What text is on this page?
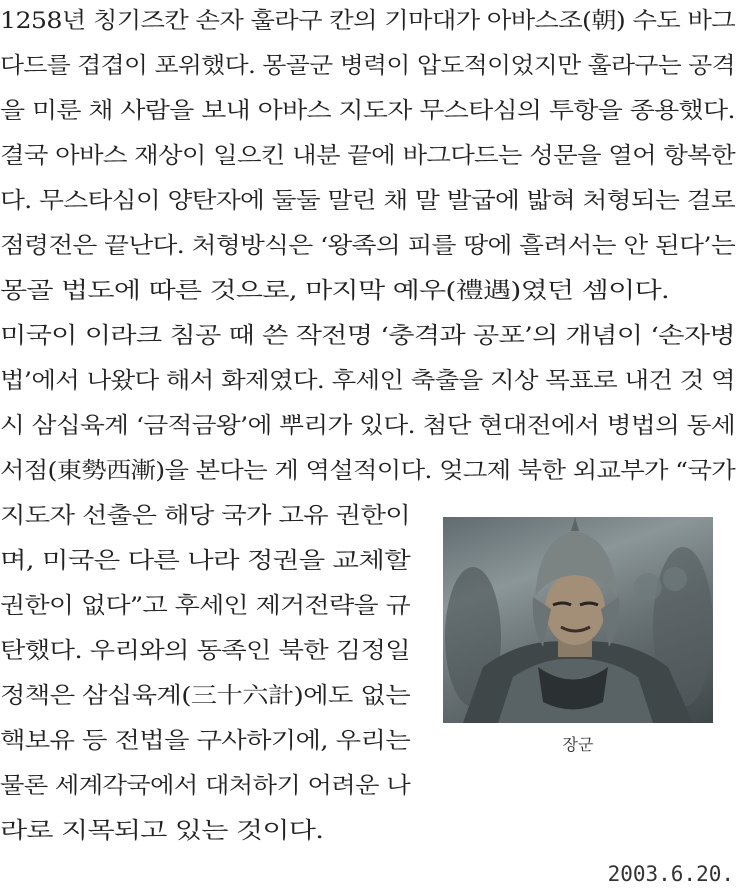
1258년 칭기즈칸 손자 훌라구 칸의 기마대가 아바스조(朝) 수도 바그
다드를 겹겹이 포위했다. 몽골군 병력이 압도적이었지만 훌라구는 공격
을 미룬 채 사람을 보내 아바스 지도자 무스타심의 투항을 종용했다.
결국 아바스 재상이 일으킨 내분 끝에 바그다드는 성문을 열어 항복한
다. 무스타심이 양탄자에 둘둘 말린 채 말 발굽에 밟혀 처형되는 걸로
점령전은 끝난다. 처형방식은 ‘왕족의 피를 땅에 흘려서는 안 된다’는
몽골 법도에 따른 것으로, 마지막 예우(禮遇)였던 셈이다.
미국이 이라크 침공 때 쓴 작전명 ‘충격과 공포’의 개념이 ‘손자병
법’에서 나왔다 해서 화제였다. 후세인 축출을 지상 목표로 내건 것 역
시 삼십육계 ‘금적금왕’에 뿌리가 있다. 첨단 현대전에서 병법의 동세
서점(東勢西漸)을 본다는 게 역설적이다. 엊그제 북한 외교부가 “국가
지도자 선출은 해당 국가 고유 권한이
며, 미국은 다른 나라 정권을 교체할
권한이 없다”고 후세인 제거전략을 규
탄했다. 우리와의 동족인 북한 김정일
정책은 삼십육계(三十六計)에도 없는
핵보유 등 전법을 구사하기에, 우리는
물론 세계각국에서 대처하기 어려운 나
라로 지목되고 있는 것이다.
장군
2003.6.20.
